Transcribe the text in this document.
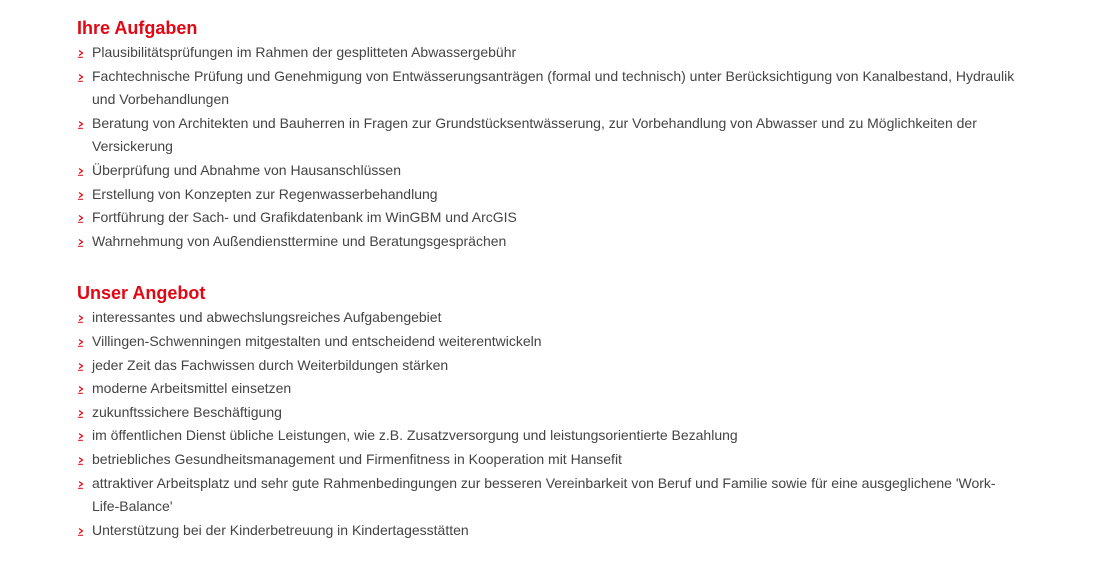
Ihre Aufgaben
Plausibilitätsprüfungen im Rahmen der gesplitteten Abwassergebühr
Fachtechnische Prüfung und Genehmigung von Entwässerungsanträgen (formal und technisch) unter Berücksichtigung von Kanalbestand, Hydraulik und Vorbehandlungen
Beratung von Architekten und Bauherren in Fragen zur Grundstücksentwässerung, zur Vorbehandlung von Abwasser und zu Möglichkeiten der Versickerung
Überprüfung und Abnahme von Hausanschlüssen
Erstellung von Konzepten zur Regenwasserbehandlung
Fortführung der Sach- und Grafikdatenbank im WinGBM und ArcGIS
Wahrnehmung von Außendiensttermine und Beratungsgesprächen
Unser Angebot
interessantes und abwechslungsreiches Aufgabengebiet
Villingen-Schwenningen mitgestalten und entscheidend weiterentwickeln
jeder Zeit das Fachwissen durch Weiterbildungen stärken
moderne Arbeitsmittel einsetzen
zukunftssichere Beschäftigung
im öffentlichen Dienst übliche Leistungen, wie z.B. Zusatzversorgung und leistungsorientierte Bezahlung
betriebliches Gesundheitsmanagement und Firmenfitness in Kooperation mit Hansefit
attraktiver Arbeitsplatz und sehr gute Rahmenbedingungen zur besseren Vereinbarkeit von Beruf und Familie sowie für eine ausgeglichene 'Work-Life-Balance'
Unterstützung bei der Kinderbetreuung in Kindertagesstätten
